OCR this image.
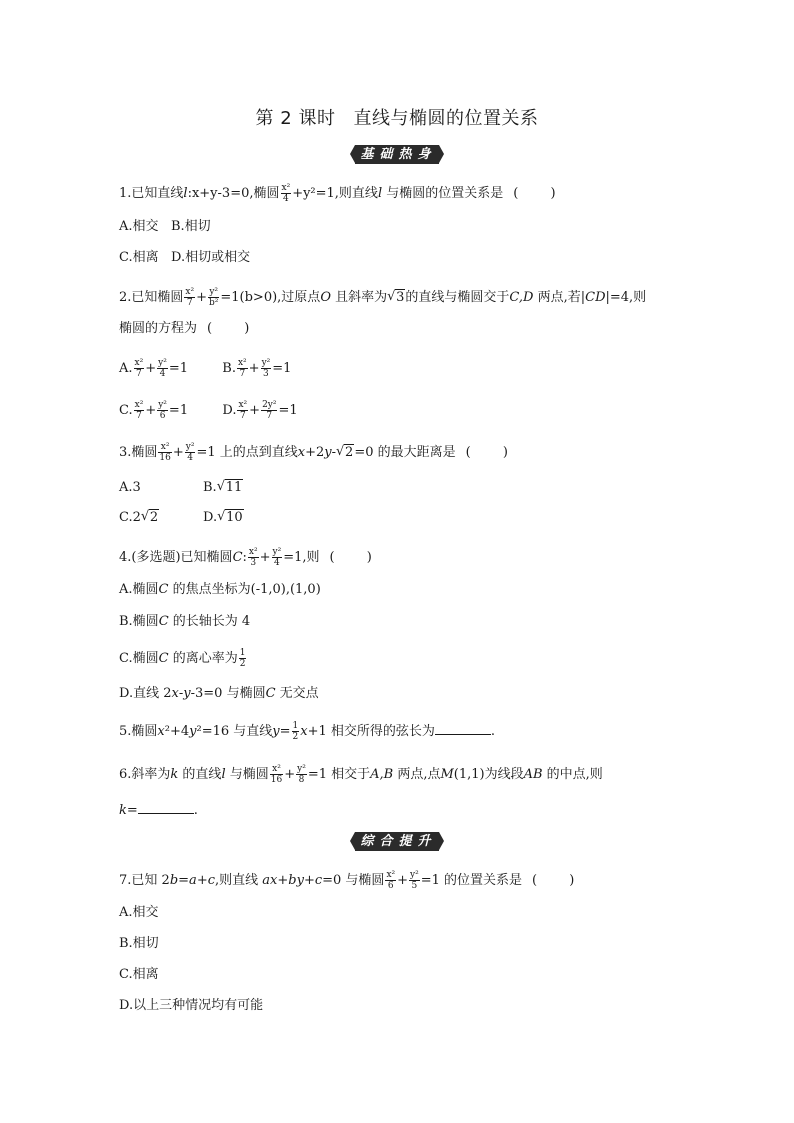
第 2 课时 直线与椭圆的位置关系
基础热身
1.已知直线l:x+y-3=0,椭圆 $\frac{\text{x²}}{4} +y^2=1$,则直线l 与椭圆的位置关系是 ( )
A.相交 B.相切
C.相离 D.相切或相交
2.已知椭圆 $\frac{\text{x²}}{7} + \frac{\text{y²}}{\text{b²}} =1(b>0)$,过原点O 且斜率为 √ 3的直线与椭圆交于C,D 两点,若|CD|=4,则
椭圆的方程为 ( )
A. $\frac{\text{x²}}{7} + \frac{\text{y²}}{4} =1$	B. $\frac{\text{x²}}{7} + \frac{\text{y²}}{3} =1$
C. $\frac{\text{x²}}{7} + \frac{\text{y²}}{6} =1$	D. $\frac{\text{x²}}{7} + \frac{\text{2y²}}{7} =1$
3.椭圆 $\frac{\text{x²}}{16} + \frac{\text{y²}}{4} =1$ 上的点到直线x+2y- √ 2=0 的最大距离是 ( )
A.3	B. √ 11
C.2 √ 2	D. √ 10
4.(多选题)已知椭圆C: $\frac{\text{x²}}{3} + \frac{\text{y²}}{4} =1$,则 ( )
A.椭圆C 的焦点坐标为(-1,0),(1,0)
B.椭圆C 的长轴长为 4
C.椭圆C 的离心率为 $\frac{1}{2}$
D.直线 2x-y-3=0 与椭圆C 无交点
5.椭圆x²+4y²=16 与直线$y= \frac{1}{2} x+1$ 相交所得的弦长为	.
6.斜率为k 的直线l 与椭圆 $\frac{\text{x²}}{16} + \frac{\text{y²}}{8} =1$ 相交于A,B 两点,点M(1,1)为线段AB 的中点,则
k=	.
综合提升
7.已知 2b=a+c,则直线 ax+by+c=0 与椭圆 $\frac{\text{x²}}{6} + \frac{\text{y²}}{5} =1$ 的位置关系是 ( )
A.相交
B.相切
C.相离
D.以上三种情况均有可能
